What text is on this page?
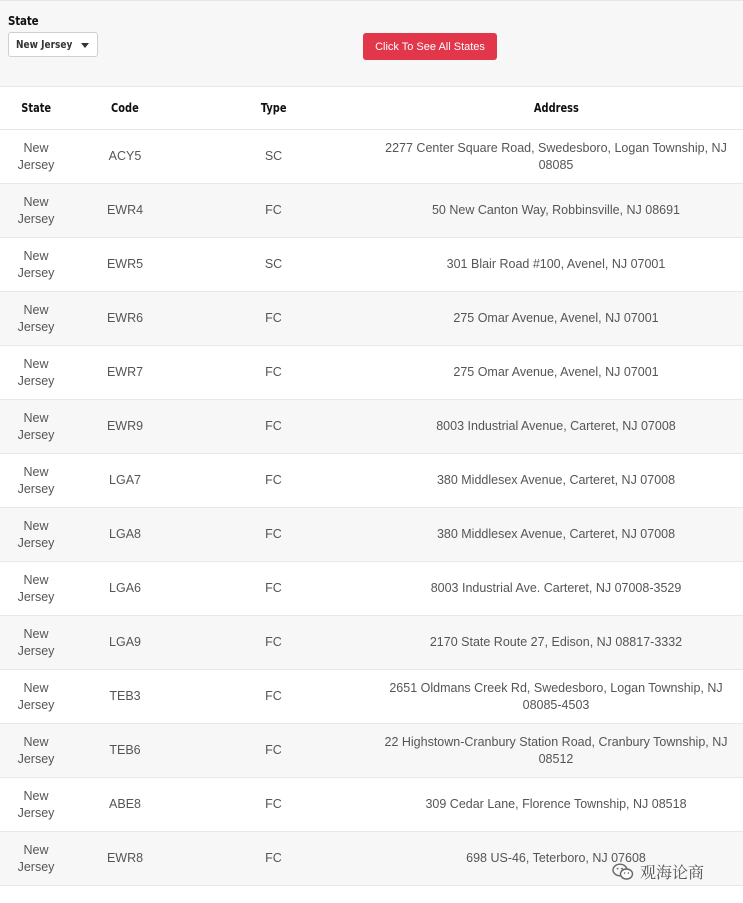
State
New Jersey	Click To See All States
State	Code	Type	Address
New Jersey	ACY5	SC	2277 Center Square Road, Swedesboro, Logan Township, NJ 08085
New Jersey	EWR4	FC	50 New Canton Way, Robbinsville, NJ 08691
New Jersey	EWR5	SC	301 Blair Road #100, Avenel, NJ 07001
New Jersey	EWR6	FC	275 Omar Avenue, Avenel, NJ 07001
New Jersey	EWR7	FC	275 Omar Avenue, Avenel, NJ 07001
New Jersey	EWR9	FC	8003 Industrial Avenue, Carteret, NJ 07008
New Jersey	LGA7	FC	380 Middlesex Avenue, Carteret, NJ 07008
New Jersey	LGA8	FC	380 Middlesex Avenue, Carteret, NJ 07008
New Jersey	LGA6	FC	8003 Industrial Ave. Carteret, NJ 07008-3529
New Jersey	LGA9	FC	2170 State Route 27, Edison, NJ 08817-3332
New Jersey	TEB3	FC	2651 Oldmans Creek Rd, Swedesboro, Logan Township, NJ 08085-4503
New Jersey	TEB6	FC	22 Highstown-Cranbury Station Road, Cranbury Township, NJ 08512
New Jersey	ABE8	FC	309 Cedar Lane, Florence Township, NJ 08518
New Jersey	EWR8	FC	698 US-46, Teterboro, NJ 07608
观海论商
